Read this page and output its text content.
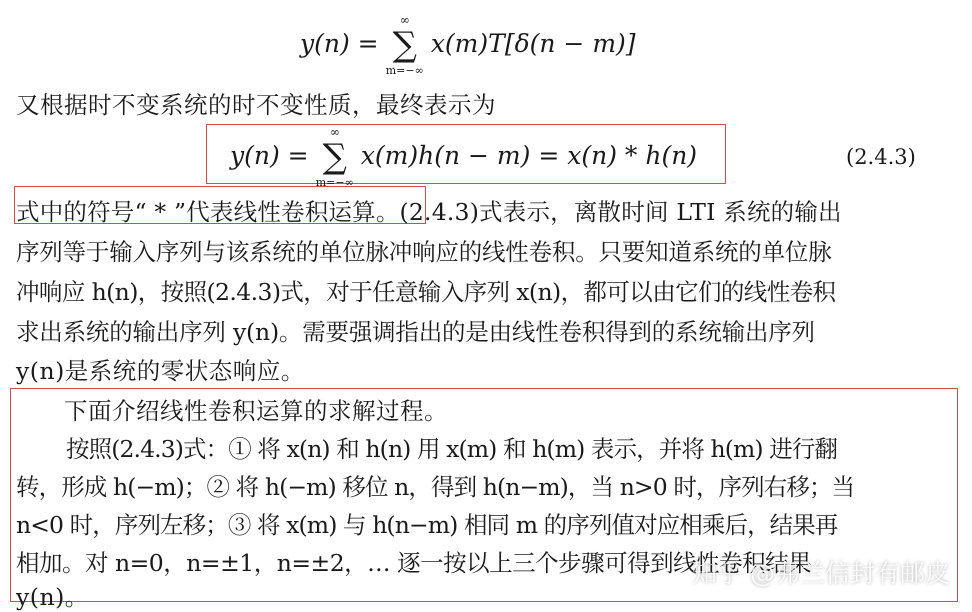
y(n) = ∑
∞
m=−∞
x(m)T[δ(n − m)]
又根据时不变系统的时不变性质，最终表示为
y(n) = ∑
∞
m=−∞
x(m)h(n − m) = x(n) * h(n)	(2.4.3)
式中的符号“ * ”代表线性卷积运算。(2.4.3)式表示，离散时间 LTI 系统的输出
序列等于输入序列与该系统的单位脉冲响应的线性卷积。只要知道系统的单位脉
冲响应 h(n)，按照(2.4.3)式，对于任意输入序列 x(n)，都可以由它们的线性卷积
求出系统的输出序列 y(n)。需要强调指出的是由线性卷积得到的系统输出序列
y(n)是系统的零状态响应。
下面介绍线性卷积运算的求解过程。
按照(2.4.3)式：① 将 x(n) 和 h(n) 用 x(m) 和 h(m) 表示，并将 h(m) 进行翻
转，形成 h(−m)；② 将 h(−m) 移位 n，得到 h(n−m)，当 n>0 时，序列右移；当
n<0 时，序列左移；③ 将 x(m) 与 h(n−m) 相同 m 的序列值对应相乘后，结果再
相加。对 n=0，n=±1，n=±2，… 逐一按以上三个步骤可得到线性卷积结果
y(n)。
知乎 @弗兰信封有邮皮
